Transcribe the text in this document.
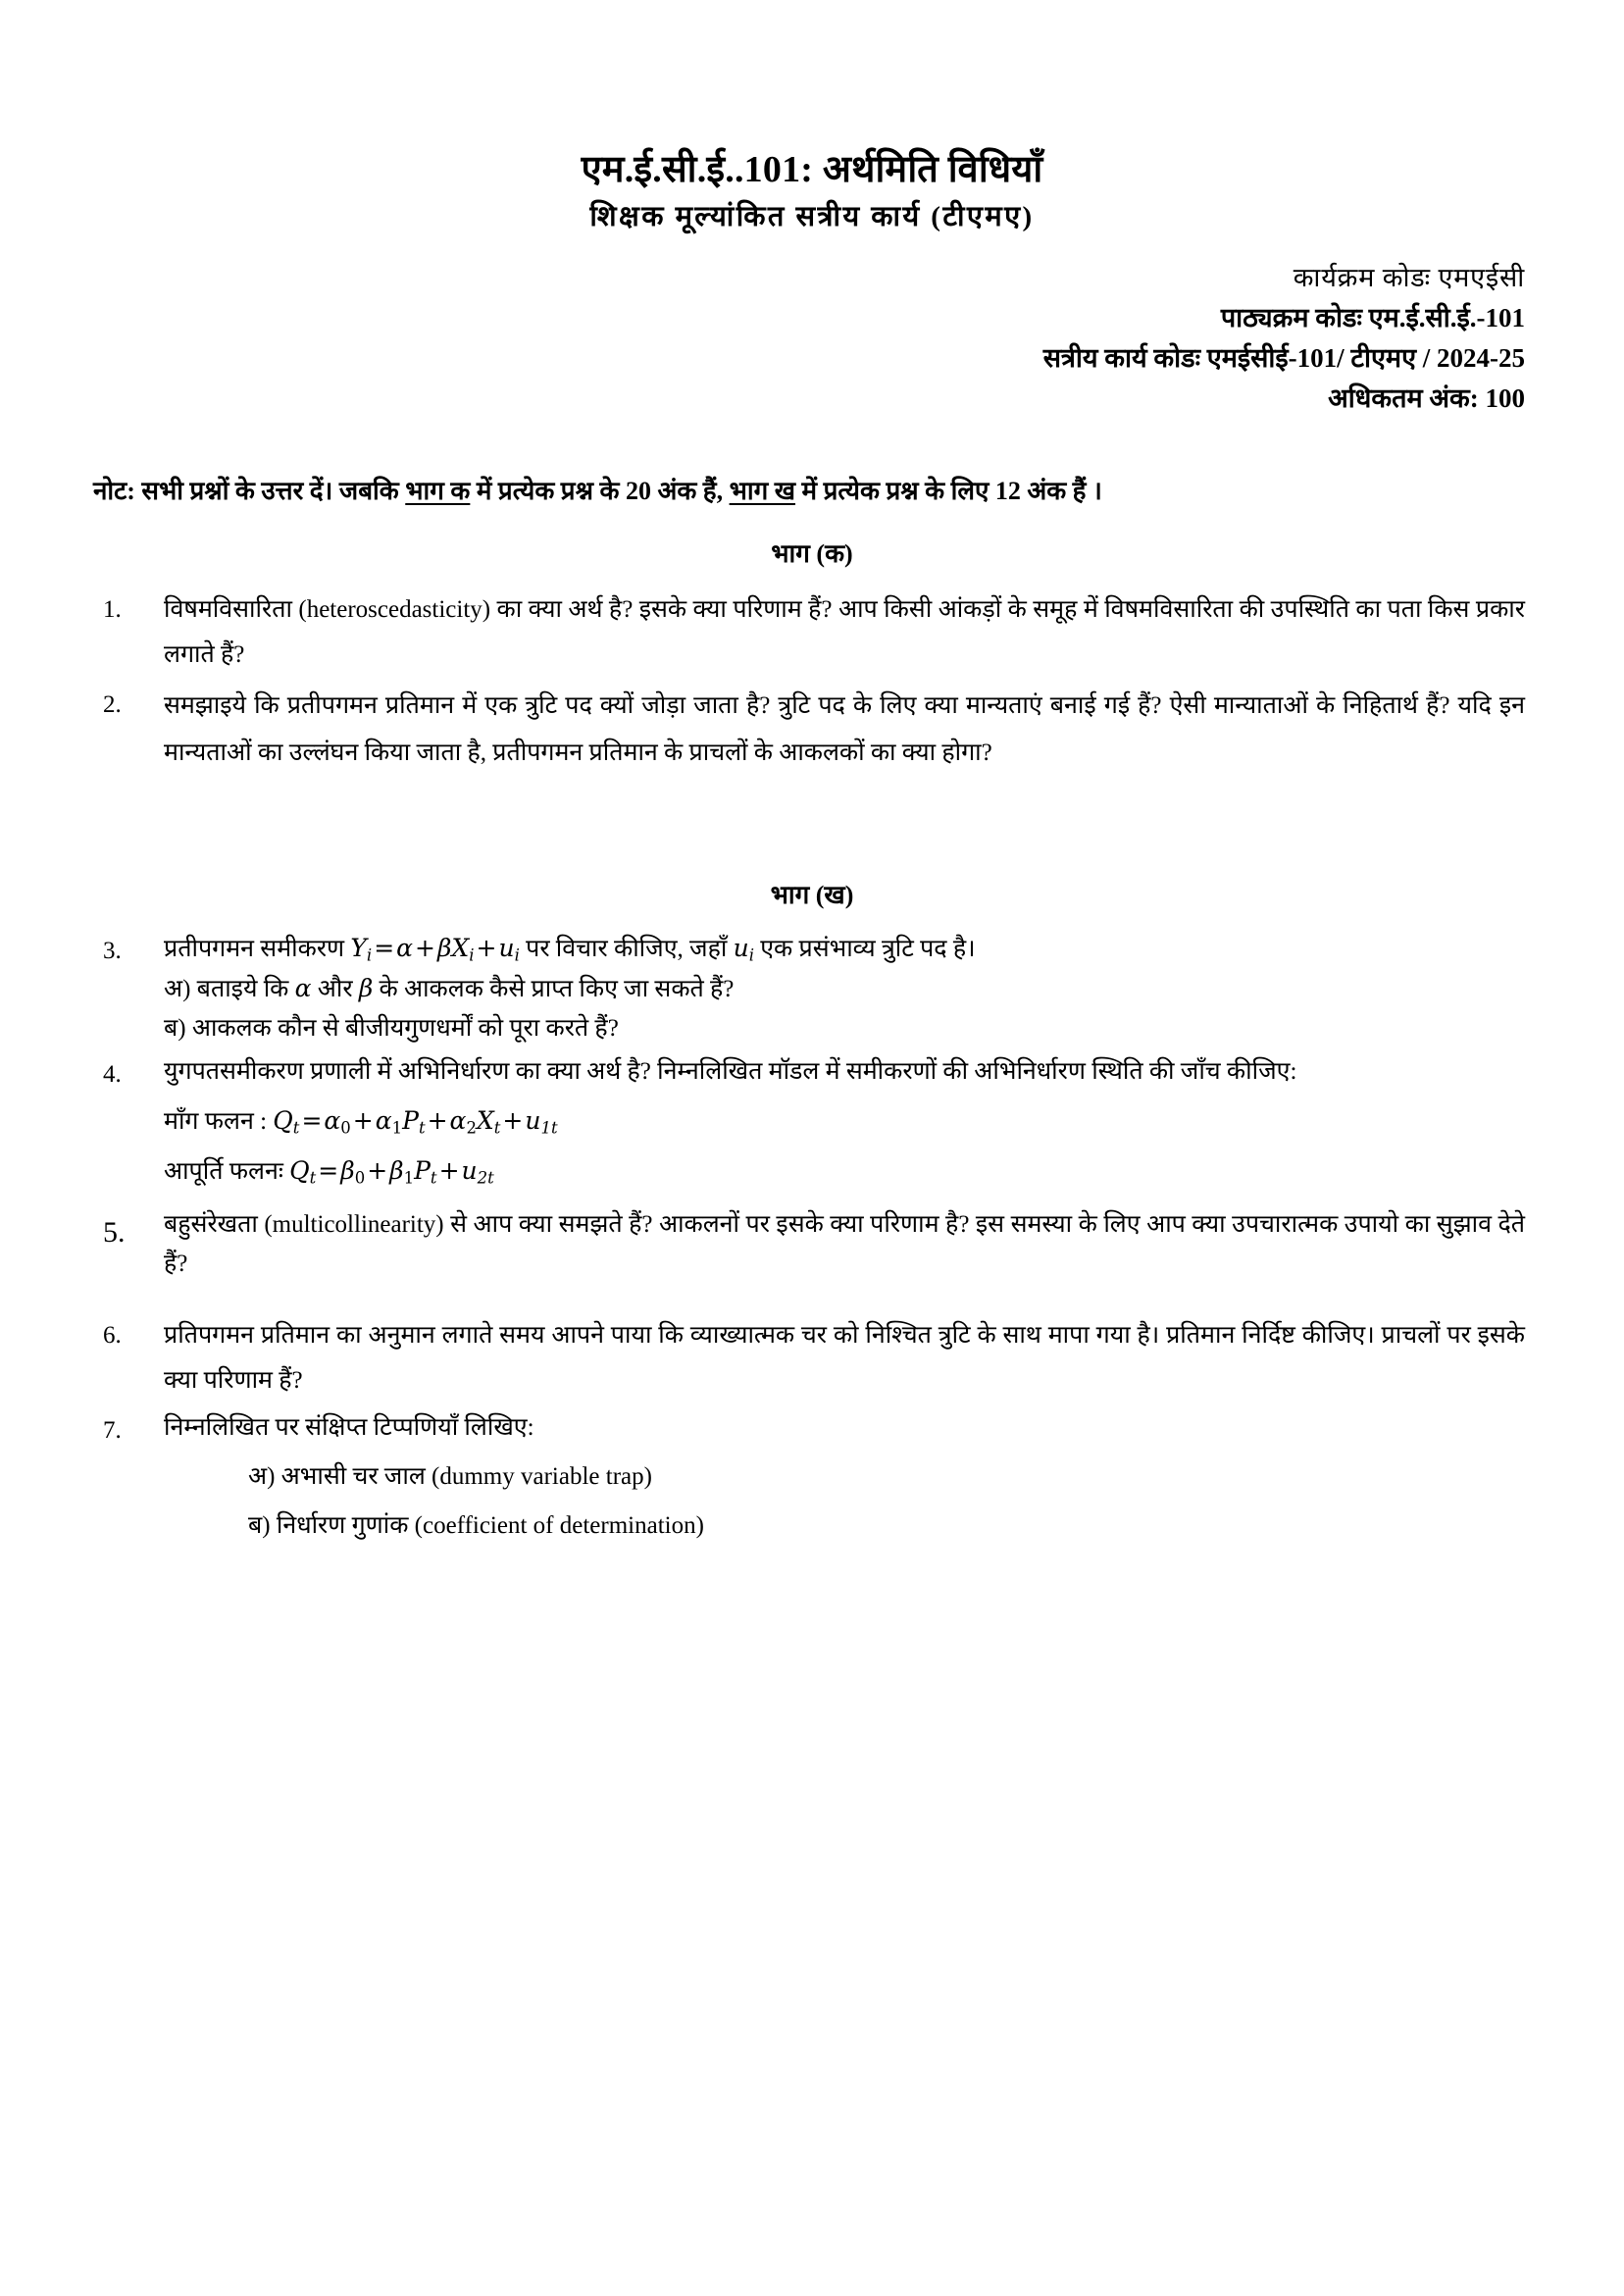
एम.ई.सी.ई..101: अर्थमिति विधियाँ
शिक्षक मूल्यांकित सत्रीय कार्य (टीएमए)
कार्यक्रम कोडः एमएईसी
पाठ्यक्रम कोडः एम.ई.सी.ई.-101
सत्रीय कार्य कोडः एमईसीई-101/ टीएमए / 2024-25
अधिकतम अंक: 100
नोट: सभी प्रश्नों के उत्तर दें। जबकि भाग क में प्रत्येक प्रश्न के 20 अंक हैं, भाग ख में प्रत्येक प्रश्न के लिए 12 अंक हैं ।
भाग (क)
1.	विषमविसारिता (heteroscedasticity) का क्या अर्थ है? इसके क्या परिणाम हैं? आप किसी आंकड़ों के समूह में विषमविसारिता की उपस्थिति का पता किस प्रकार लगाते हैं?
2.	समझाइये कि प्रतीपगमन प्रतिमान में एक त्रुटि पद क्यों जोड़ा जाता है? त्रुटि पद के लिए क्या मान्यताएं बनाई गई हैं? ऐसी मान्याताओं के निहितार्थ हैं? यदि इन मान्यताओं का उल्लंघन किया जाता है, प्रतीपगमन प्रतिमान के प्राचलों के आकलकों का क्या होगा?
भाग (ख)
3.	प्रतीपगमन समीकरण $Y_i=\alpha+\beta X_i+u_i$ पर विचार कीजिए, जहाँ $u_i$ एक प्रसंभाव्य त्रुटि पद है।
अ) बताइये कि α और β के आकलक कैसे प्राप्त किए जा सकते हैं?
ब) आकलक कौन से बीजीयगुणधर्मों को पूरा करते हैं?
4.	युगपतसमीकरण प्रणाली में अभिनिर्धारण का क्या अर्थ है? निम्नलिखित मॉडल में समीकरणों की अभिनिर्धारण स्थिति की जाँच कीजिए:
माँग फलन : $Q_t=\alpha_0+\alpha_1P_t+\alpha_2X_t+u_{1t}$
आपूर्ति फलनः $Q_t=\beta_0+\beta_1P_t+u_{2t}$
5.	बहुसंरेखता (multicollinearity) से आप क्या समझते हैं? आकलनों पर इसके क्या परिणाम है? इस समस्या के लिए आप क्या उपचारात्मक उपायो का सुझाव देते हैं?
6.	प्रतिपगमन प्रतिमान का अनुमान लगाते समय आपने पाया कि व्याख्यात्मक चर को निश्चित त्रुटि के साथ मापा गया है। प्रतिमान निर्दिष्ट कीजिए। प्राचलों पर इसके क्या परिणाम हैं?
7.	निम्नलिखित पर संक्षिप्त टिप्पणियाँ लिखिए:
अ) अभासी चर जाल (dummy variable trap)
ब) निर्धारण गुणांक (coefficient of determination)
